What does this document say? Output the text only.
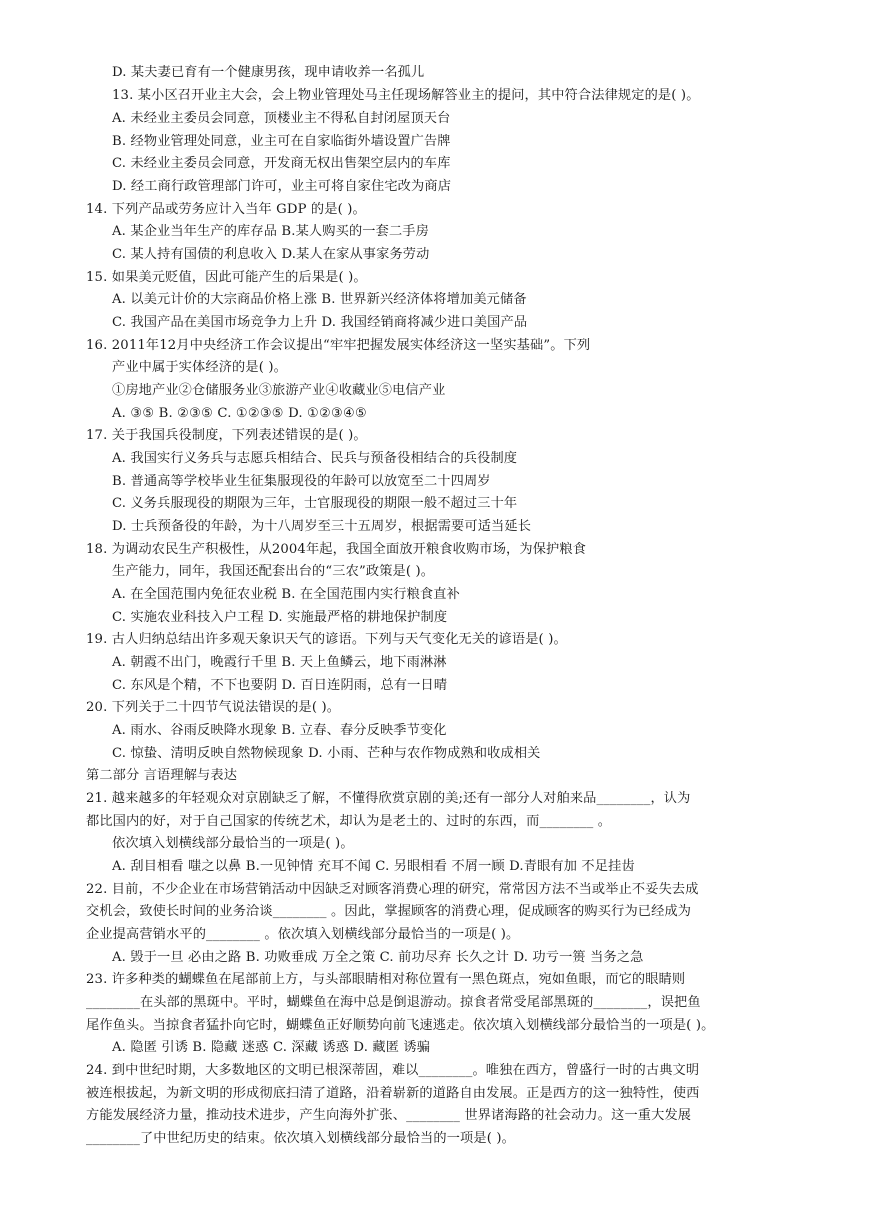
D. 某夫妻已育有一个健康男孩，现申请收养一名孤儿
13. 某小区召开业主大会，会上物业管理处马主任现场解答业主的提问，其中符合法律规定的是( )。
A. 未经业主委员会同意，顶楼业主不得私自封闭屋顶天台
B. 经物业管理处同意，业主可在自家临街外墙设置广告牌
C. 未经业主委员会同意，开发商无权出售架空层内的车库
D. 经工商行政管理部门许可，业主可将自家住宅改为商店
14. 下列产品或劳务应计入当年 GDP 的是( )。
A. 某企业当年生产的库存品 B.某人购买的一套二手房
C. 某人持有国债的利息收入 D.某人在家从事家务劳动
15. 如果美元贬值，因此可能产生的后果是( )。
A. 以美元计价的大宗商品价格上涨 B. 世界新兴经济体将增加美元储备
C. 我国产品在美国市场竞争力上升 D. 我国经销商将减少进口美国产品
16. 2011年12月中央经济工作会议提出“牢牢把握发展实体经济这一坚实基础”。下列
产业中属于实体经济的是( )。
①房地产业②仓储服务业③旅游产业④收藏业⑤电信产业
A. ③⑤ B. ②③⑤ C. ①②③⑤ D. ①②③④⑤
17. 关于我国兵役制度，下列表述错误的是( )。
A. 我国实行义务兵与志愿兵相结合、民兵与预备役相结合的兵役制度
B. 普通高等学校毕业生征集服现役的年龄可以放宽至二十四周岁
C. 义务兵服现役的期限为三年，士官服现役的期限一般不超过三十年
D. 士兵预备役的年龄，为十八周岁至三十五周岁，根据需要可适当延长
18. 为调动农民生产积极性，从2004年起，我国全面放开粮食收购市场，为保护粮食
生产能力，同年，我国还配套出台的“三农”政策是( )。
A. 在全国范围内免征农业税 B. 在全国范围内实行粮食直补
C. 实施农业科技入户工程 D. 实施最严格的耕地保护制度
19. 古人归纳总结出许多观天象识天气的谚语。下列与天气变化无关的谚语是( )。
A. 朝霞不出门，晚霞行千里 B. 天上鱼鳞云，地下雨淋淋
C. 东风是个精，不下也要阴 D. 百日连阴雨，总有一日晴
20. 下列关于二十四节气说法错误的是( )。
A. 雨水、谷雨反映降水现象 B. 立春、春分反映季节变化
C. 惊蛰、清明反映自然物候现象 D. 小雨、芒种与农作物成熟和收成相关
第二部分 言语理解与表达
21. 越来越多的年轻观众对京剧缺乏了解，不懂得欣赏京剧的美;还有一部分人对舶来品________，认为
都比国内的好，对于自己国家的传统艺术，却认为是老土的、过时的东西，而________ 。
依次填入划横线部分最恰当的一项是( )。
A. 刮目相看 嗤之以鼻 B.一见钟情 充耳不闻 C. 另眼相看 不屑一顾 D.青眼有加 不足挂齿
22. 目前，不少企业在市场营销活动中因缺乏对顾客消费心理的研究，常常因方法不当或举止不妥失去成
交机会，致使长时间的业务洽谈________ 。因此，掌握顾客的消费心理，促成顾客的购买行为已经成为
企业提高营销水平的________ 。依次填入划横线部分最恰当的一项是( )。
A. 毁于一旦 必由之路 B. 功败垂成 万全之策 C. 前功尽弃 长久之计 D. 功亏一篑 当务之急
23. 许多种类的蝴蝶鱼在尾部前上方，与头部眼睛相对称位置有一黑色斑点，宛如鱼眼，而它的眼睛则
________在头部的黑斑中。平时，蝴蝶鱼在海中总是倒退游动。掠食者常受尾部黑斑的________，误把鱼
尾作鱼头。当掠食者猛扑向它时，蝴蝶鱼正好顺势向前飞速逃走。依次填入划横线部分最恰当的一项是( )。
A. 隐匿 引诱 B. 隐藏 迷惑 C. 深藏 诱惑 D. 藏匿 诱骗
24. 到中世纪时期，大多数地区的文明已根深蒂固，难以________。唯独在西方，曾盛行一时的古典文明
被连根拔起，为新文明的形成彻底扫清了道路，沿着崭新的道路自由发展。正是西方的这一独特性，使西
方能发展经济力量，推动技术进步，产生向海外扩张、________ 世界诸海路的社会动力。这一重大发展
________了中世纪历史的结束。依次填入划横线部分最恰当的一项是( )。
